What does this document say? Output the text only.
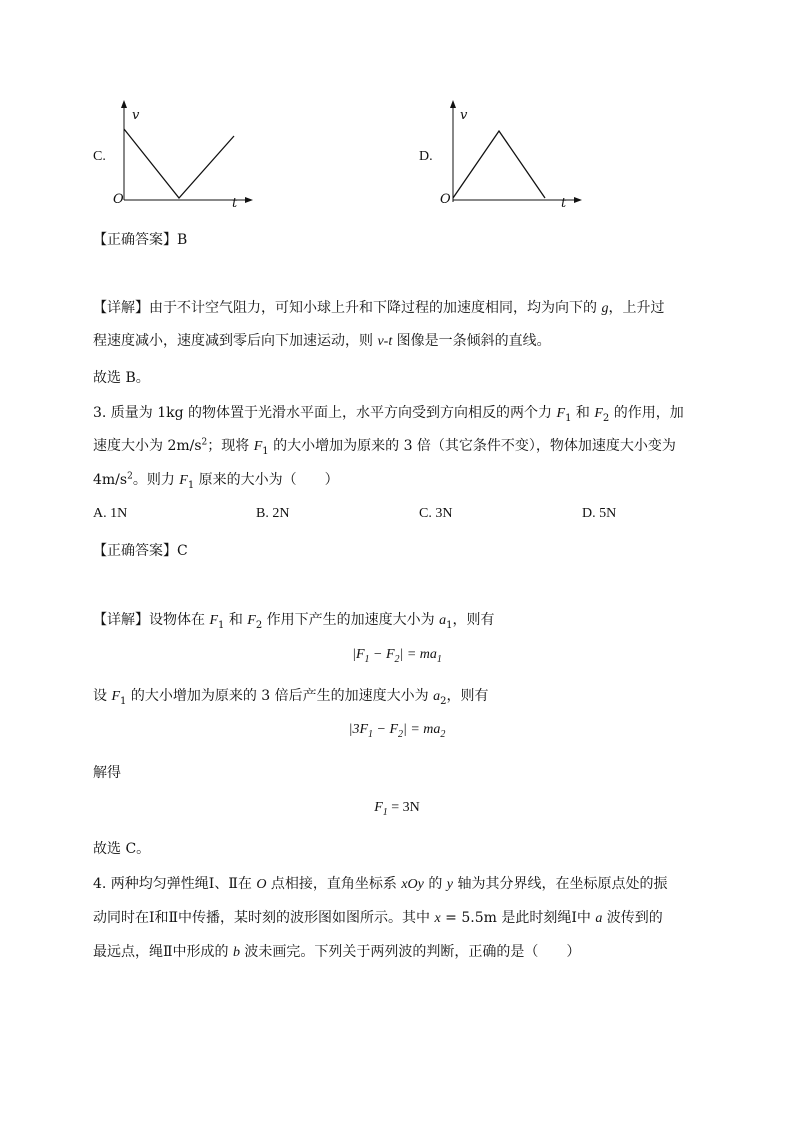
C.
v
t
O
D.
v
t
O
【正确答案】B
【详解】由于不计空气阻力，可知小球上升和下降过程的加速度相同，均为向下的 g，上升过
程速度减小，速度减到零后向下加速运动，则 v-t 图像是一条倾斜的直线。
故选 B。
3. 质量为 1kg 的物体置于光滑水平面上，水平方向受到方向相反的两个力 $F_1$ 和 $F_2$ 的作用，加
速度大小为 $2m/s^2$；现将 $F_1$ 的大小增加为原来的 3 倍（其它条件不变），物体加速度大小变为
$4m/s^2$。则力 $F_1$ 原来的大小为（　　）
A. 1N	B. 2N	C. 3N	D. 5N
【正确答案】C
【详解】设物体在 $F_1$ 和 $F_2$ 作用下产生的加速度大小为 $a_1$，则有
$|F_1 - F_2| = ma_1$
设 $F_1$ 的大小增加为原来的 3 倍后产生的加速度大小为 $a_2$，则有
$|3F_1 - F_2| = ma_2$
解得
$F_1 = 3N$
故选 C。
4. 两种均匀弹性绳Ⅰ、Ⅱ在 O 点相接，直角坐标系 xOy 的 y 轴为其分界线，在坐标原点处的振
动同时在Ⅰ和Ⅱ中传播，某时刻的波形图如图所示。其中 x = 5.5m 是此时刻绳Ⅰ中 a 波传到的
最远点，绳Ⅱ中形成的 b 波未画完。下列关于两列波的判断，正确的是（　　）
